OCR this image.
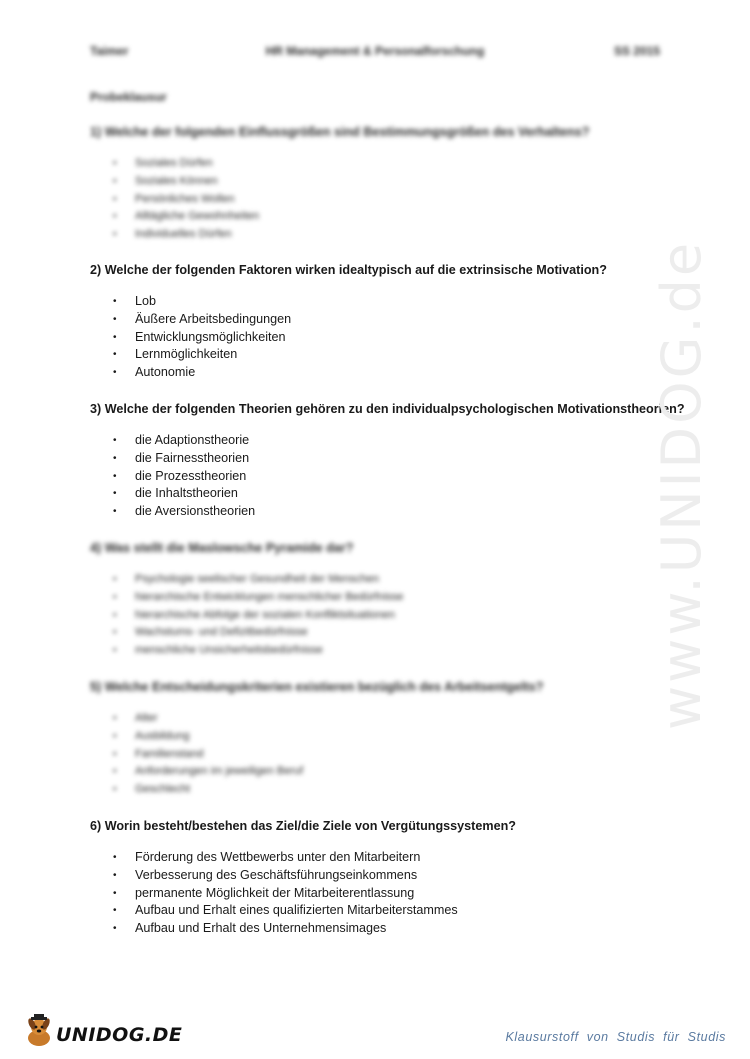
Taimer	HR Management & Personalforschung	SS 2015
Probeklausur

1) Welche der folgenden Einflussgrößen sind Bestimmungsgrößen des Verhaltens?

• Soziales Dürfen
• Soziales Können
• Persönliches Wollen
• Alltägliche Gewohnheiten
• Individuelles Dürfen

2) Welche der folgenden Faktoren wirken idealtypisch auf die extrinsische Motivation?

• Lob
• Äußere Arbeitsbedingungen
• Entwicklungsmöglichkeiten
• Lernmöglichkeiten
• Autonomie

3) Welche der folgenden Theorien gehören zu den individualpsychologischen Motivationstheorien?

• die Adaptionstheorie
• die Fairnesstheorien
• die Prozesstheorien
• die Inhaltstheorien
• die Aversionstheorien

4) Was stellt die Maslowsche Pyramide dar?

• Psychologie seelischer Gesundheit der Menschen
• hierarchische Entwicklungen menschlicher Bedürfnisse
• hierarchische Abfolge der sozialen Konfliktsituationen
• Wachstums- und Defizitbedürfnisse
• menschliche Unsicherheitsbedürfnisse

5) Welche Entscheidungskriterien existieren bezüglich des Arbeitsentgelts?

• Alter
• Ausbildung
• Familienstand
• Anforderungen im jeweiligen Beruf
• Geschlecht

6) Worin besteht/bestehen das Ziel/die Ziele von Vergütungssystemen?

• Förderung des Wettbewerbs unter den Mitarbeitern
• Verbesserung des Geschäftsführungseinkommens
• permanente Möglichkeit der Mitarbeiterentlassung
• Aufbau und Erhalt eines qualifizierten Mitarbeiterstammes
• Aufbau und Erhalt des Unternehmensimages
www.UNIDOG.de
UNIDOG.DE	Klausurstoff von Studis für Studis
